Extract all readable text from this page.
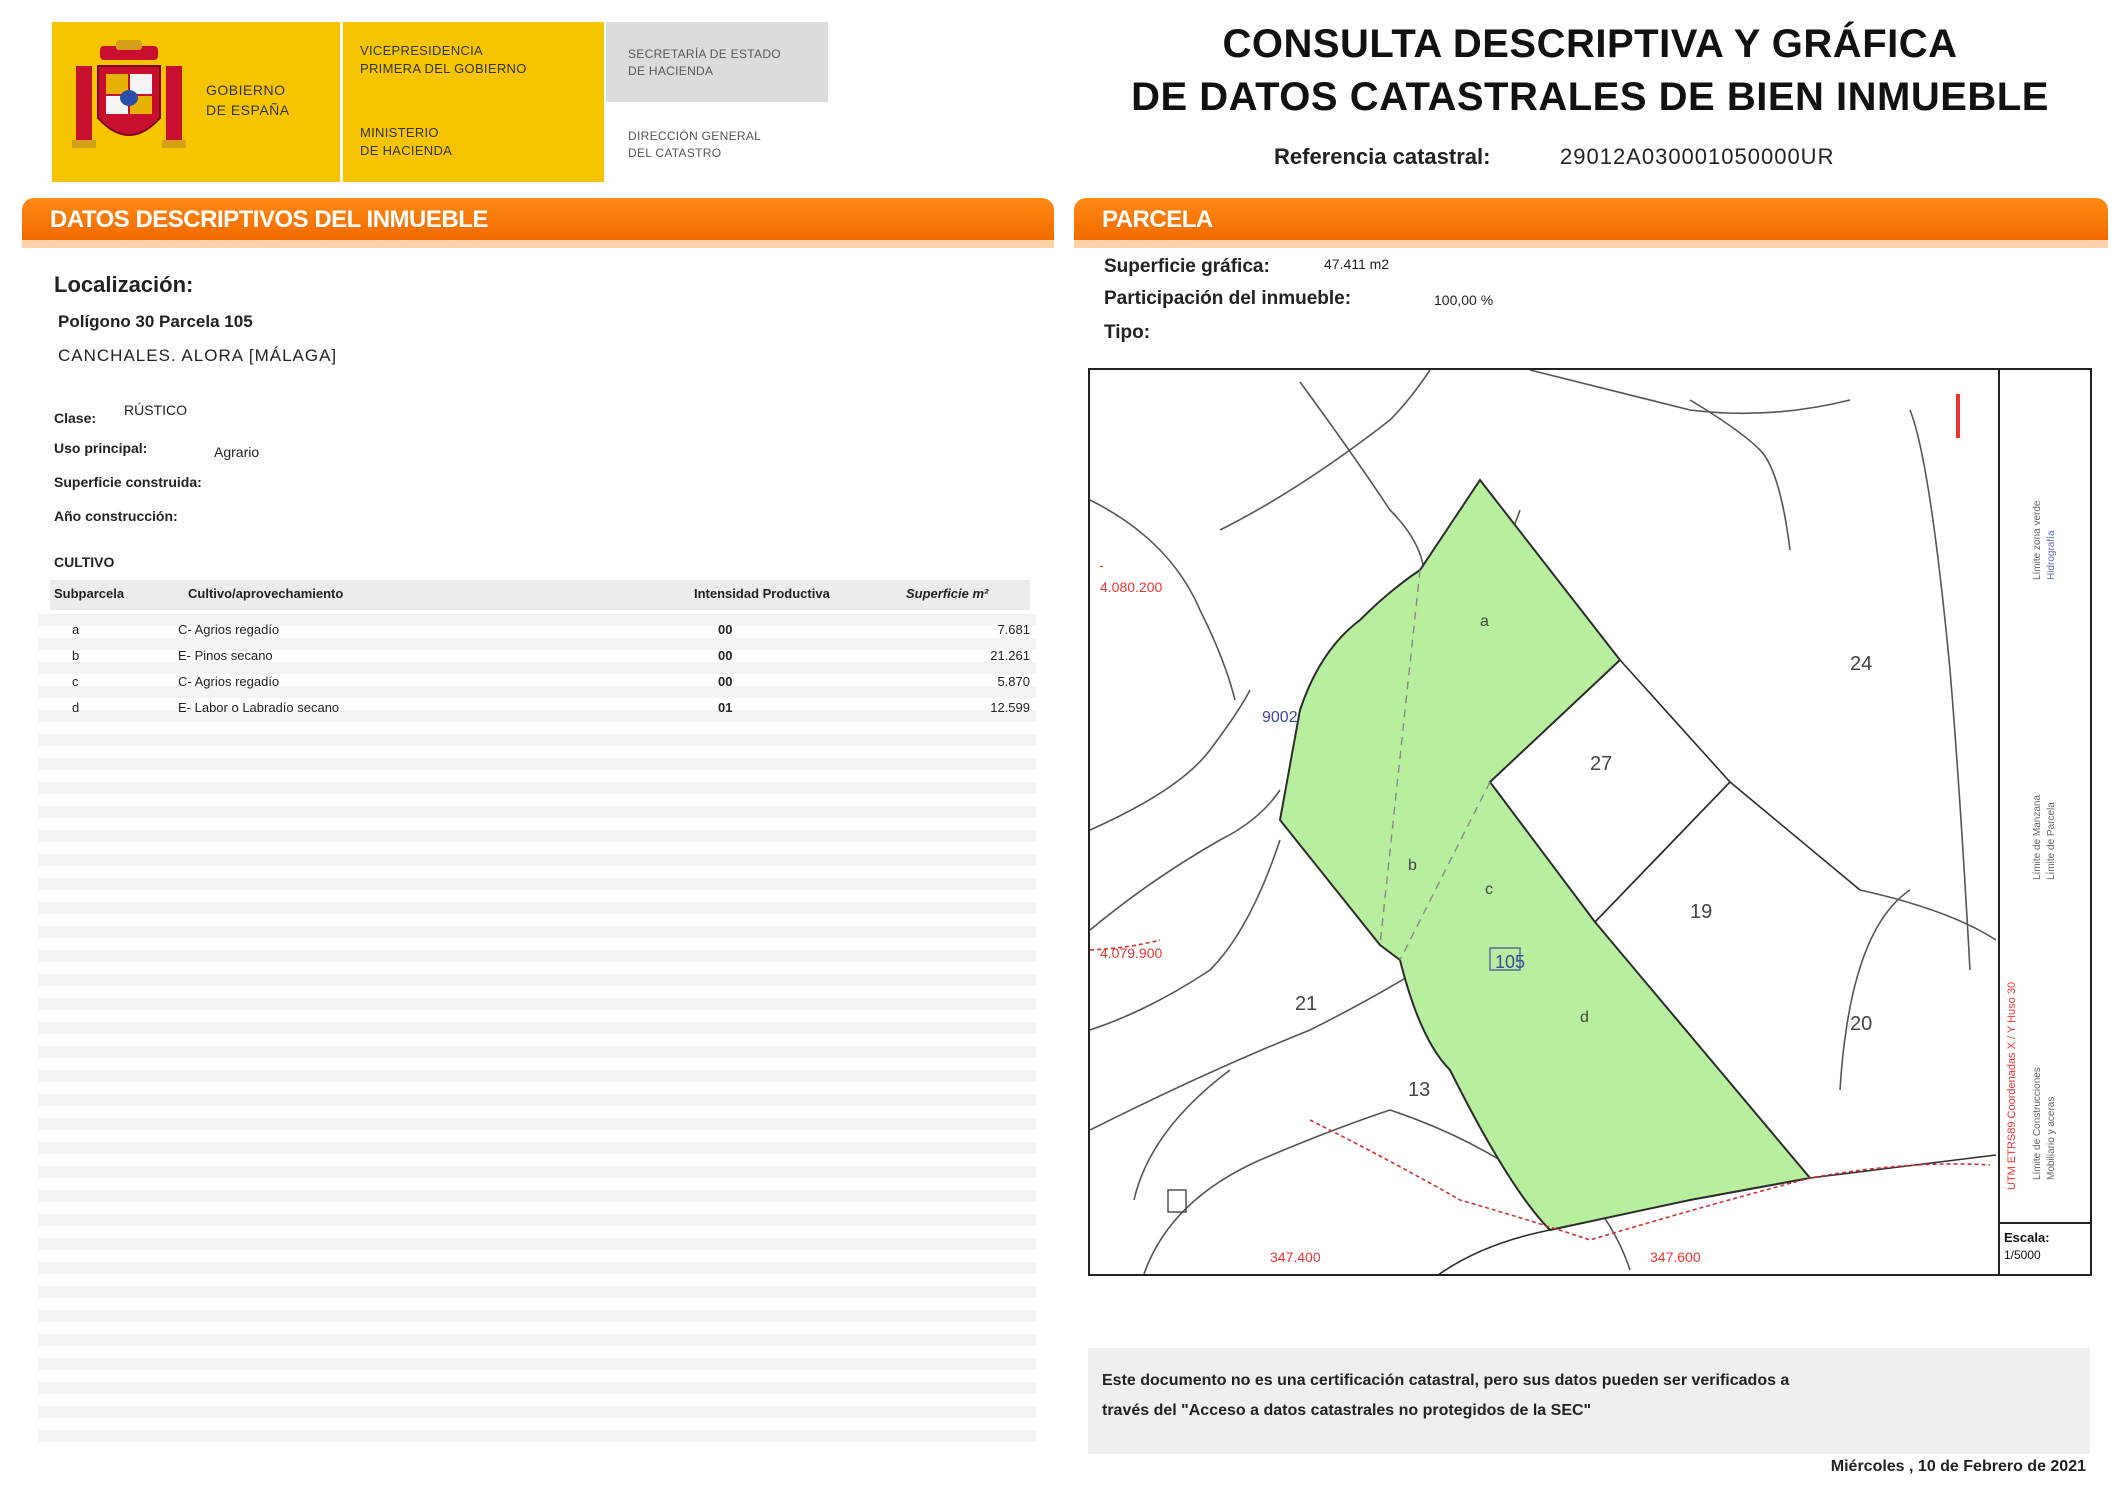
GOBIERNO
DE ESPAÑA
VICEPRESIDENCIA
PRIMERA DEL GOBIERNO
MINISTERIO
DE HACIENDA
SECRETARÍA DE ESTADO
DE HACIENDA
DIRECCIÓN GENERAL
DEL CATASTRO
CONSULTA DESCRIPTIVA Y GRÁFICA
DE DATOS CATASTRALES DE BIEN INMUEBLE
Referencia catastral:	29012A030001050000UR
DATOS DESCRIPTIVOS DEL INMUEBLE
Localización:
Polígono 30 Parcela 105
CANCHALES. ALORA [MÁLAGA]
Clase: RÚSTICO
Uso principal:	Agrario
Superficie construida:
Año construcción:
CULTIVO
Subparcela	Cultivo/aprovechamiento	Intensidad Productiva	Superficie m²
a	C- Agrios regadío	00	7.681
b	E- Pinos secano	00	21.261
c	C- Agrios regadío	00	5.870
d	E- Labor o Labradío secano	01	12.599
PARCELA
Superficie gráfica:	47.411 m2
Participación del inmueble:	100,00 %
Tipo:
105
24
27
19
20
21
13
9002
a
b
c
d
4.080.200
4.079.900
347.400	347.600
UTM ETRS89 Coordenadas X / Y Huso 30
Límite de Manzana Límite de Parcela
Límite de Construcciones Mobiliario y aceras
Límite zona verde Hidrografía
Escala:
1/5000
Este documento no es una certificación catastral, pero sus datos pueden ser verificados a
través del "Acceso a datos catastrales no protegidos de la SEC"
Miércoles , 10 de Febrero de 2021
